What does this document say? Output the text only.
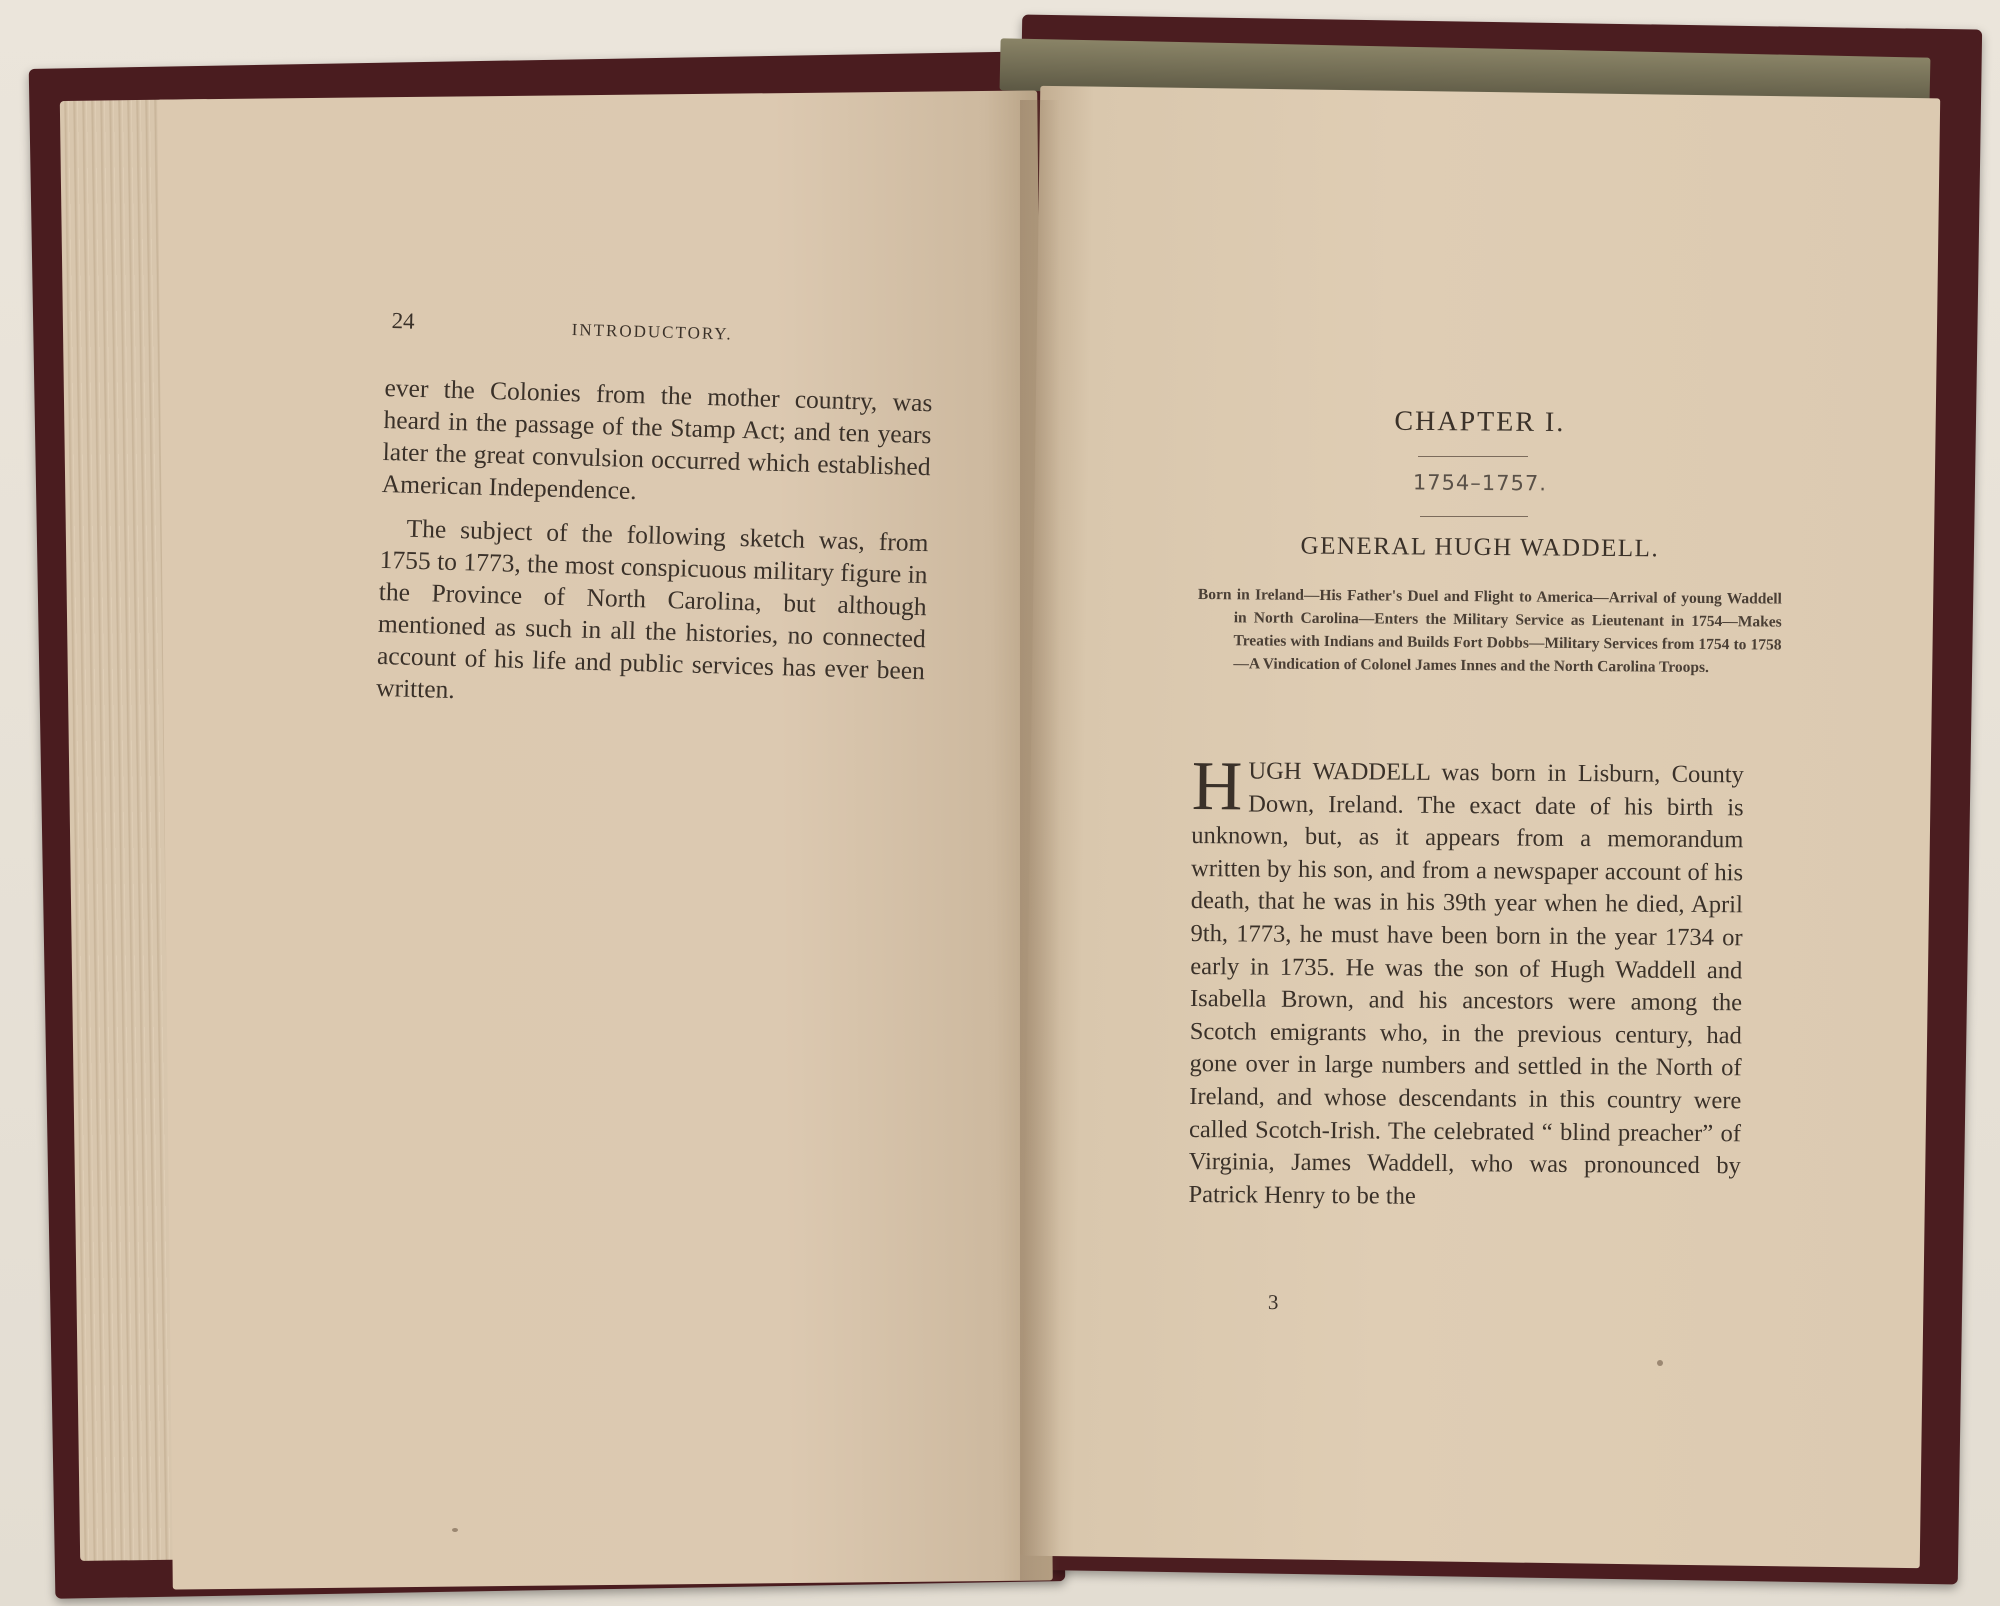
24	INTRODUCTORY.

ever the Colonies from the mother country, was heard in the passage of the Stamp Act; and ten years later the great convulsion occurred which established American Independence.

The subject of the following sketch was, from 1755 to 1773, the most conspicuous military figure in the Province of North Carolina, but although mentioned as such in all the histories, no connected account of his life and public services has ever been written.

CHAPTER I.
1754–1757.
GENERAL HUGH WADDELL.
Born in Ireland—His Father's Duel and Flight to America—Arrival of young Waddell in North Carolina—Enters the Military Service as Lieutenant in 1754—Makes Treaties with Indians and Builds Fort Dobbs—Military Services from 1754 to 1758—A Vindication of Colonel James Innes and the North Carolina Troops.
HUGH WADDELL was born in Lisburn, County Down, Ireland. The exact date of his birth is unknown, but, as it appears from a memorandum written by his son, and from a newspaper account of his death, that he was in his 39th year when he died, April 9th, 1773, he must have been born in the year 1734 or early in 1735. He was the son of Hugh Waddell and Isabella Brown, and his ancestors were among the Scotch emigrants who, in the previous century, had gone over in large numbers and settled in the North of Ireland, and whose descendants in this country were called Scotch-Irish. The celebrated “ blind preacher” of Virginia, James Waddell, who was pronounced by Patrick Henry to be the
3
